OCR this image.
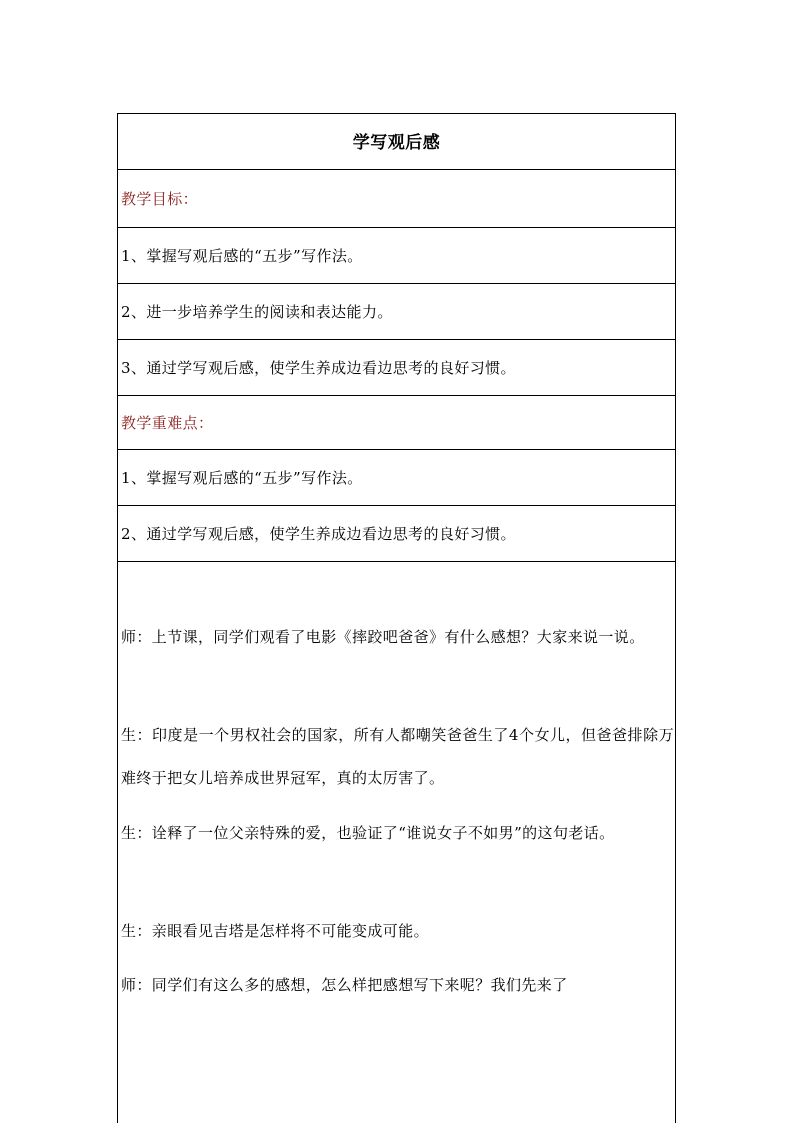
学写观后感
教学目标：
1、掌握写观后感的“五步”写作法。
2、进一步培养学生的阅读和表达能力。
3、通过学写观后感，使学生养成边看边思考的良好习惯。
教学重难点：
1、掌握写观后感的“五步”写作法。
2、通过学写观后感，使学生养成边看边思考的良好习惯。
师：上节课，同学们观看了电影《摔跤吧爸爸》有什么感想？大家来说一说。
生：印度是一个男权社会的国家，所有人都嘲笑爸爸生了4个女儿，但爸爸排除万难终于把女儿培养成世界冠军，真的太厉害了。
生：诠释了一位父亲特殊的爱，也验证了“谁说女子不如男”的这句老话。
生：亲眼看见吉塔是怎样将不可能变成可能。
师：同学们有这么多的感想，怎么样把感想写下来呢？我们先来了
